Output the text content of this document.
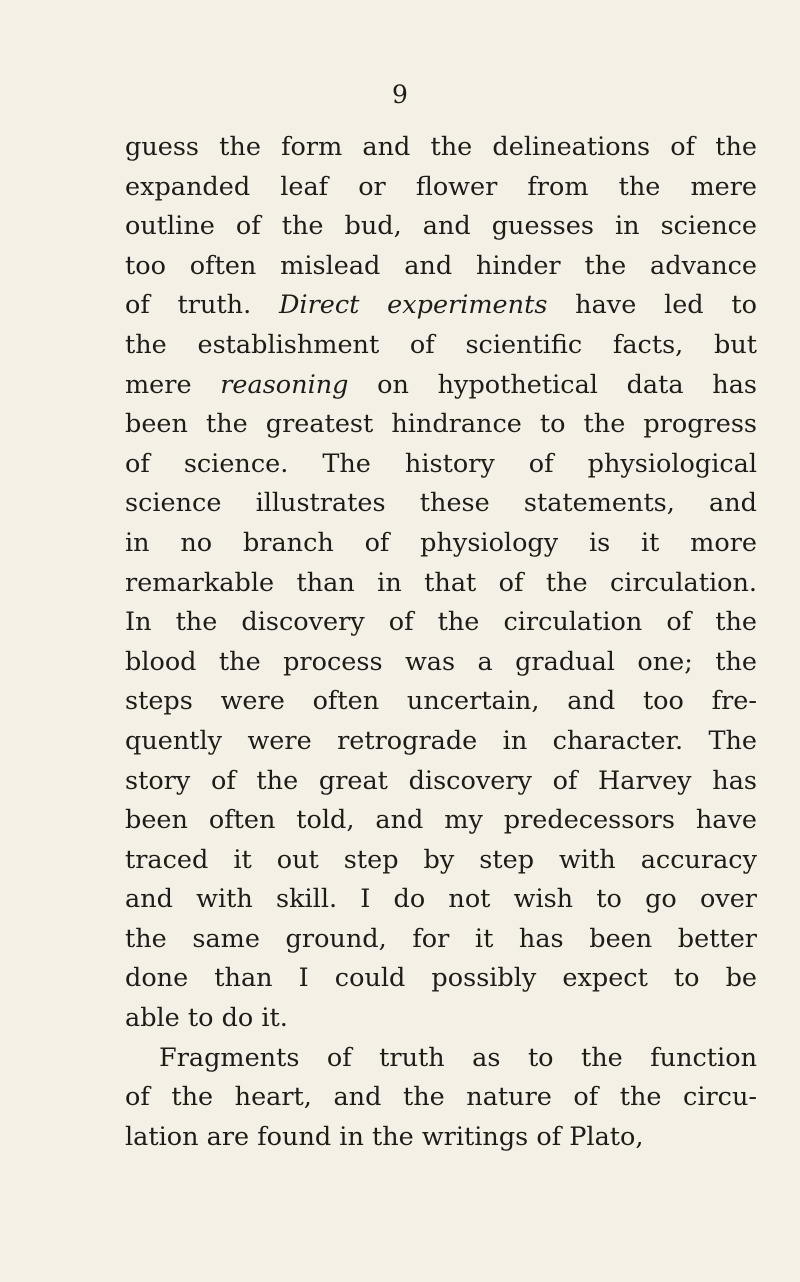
9
guess the form and the delineations of the
expanded leaf or flower from the mere
outline of the bud, and guesses in science
too often mislead and hinder the advance
of truth. Direct experiments have led to
the establishment of scientific facts, but
mere reasoning on hypothetical data has
been the greatest hindrance to the progress
of science. The history of physiological
science illustrates these statements, and
in no branch of physiology is it more
remarkable than in that of the circulation.
In the discovery of the circulation of the
blood the process was a gradual one; the
steps were often uncertain, and too fre-
quently were retrograde in character. The
story of the great discovery of Harvey has
been often told, and my predecessors have
traced it out step by step with accuracy
and with skill. I do not wish to go over
the same ground, for it has been better
done than I could possibly expect to be
able to do it.
Fragments of truth as to the function
of the heart, and the nature of the circu-
lation are found in the writings of Plato,
